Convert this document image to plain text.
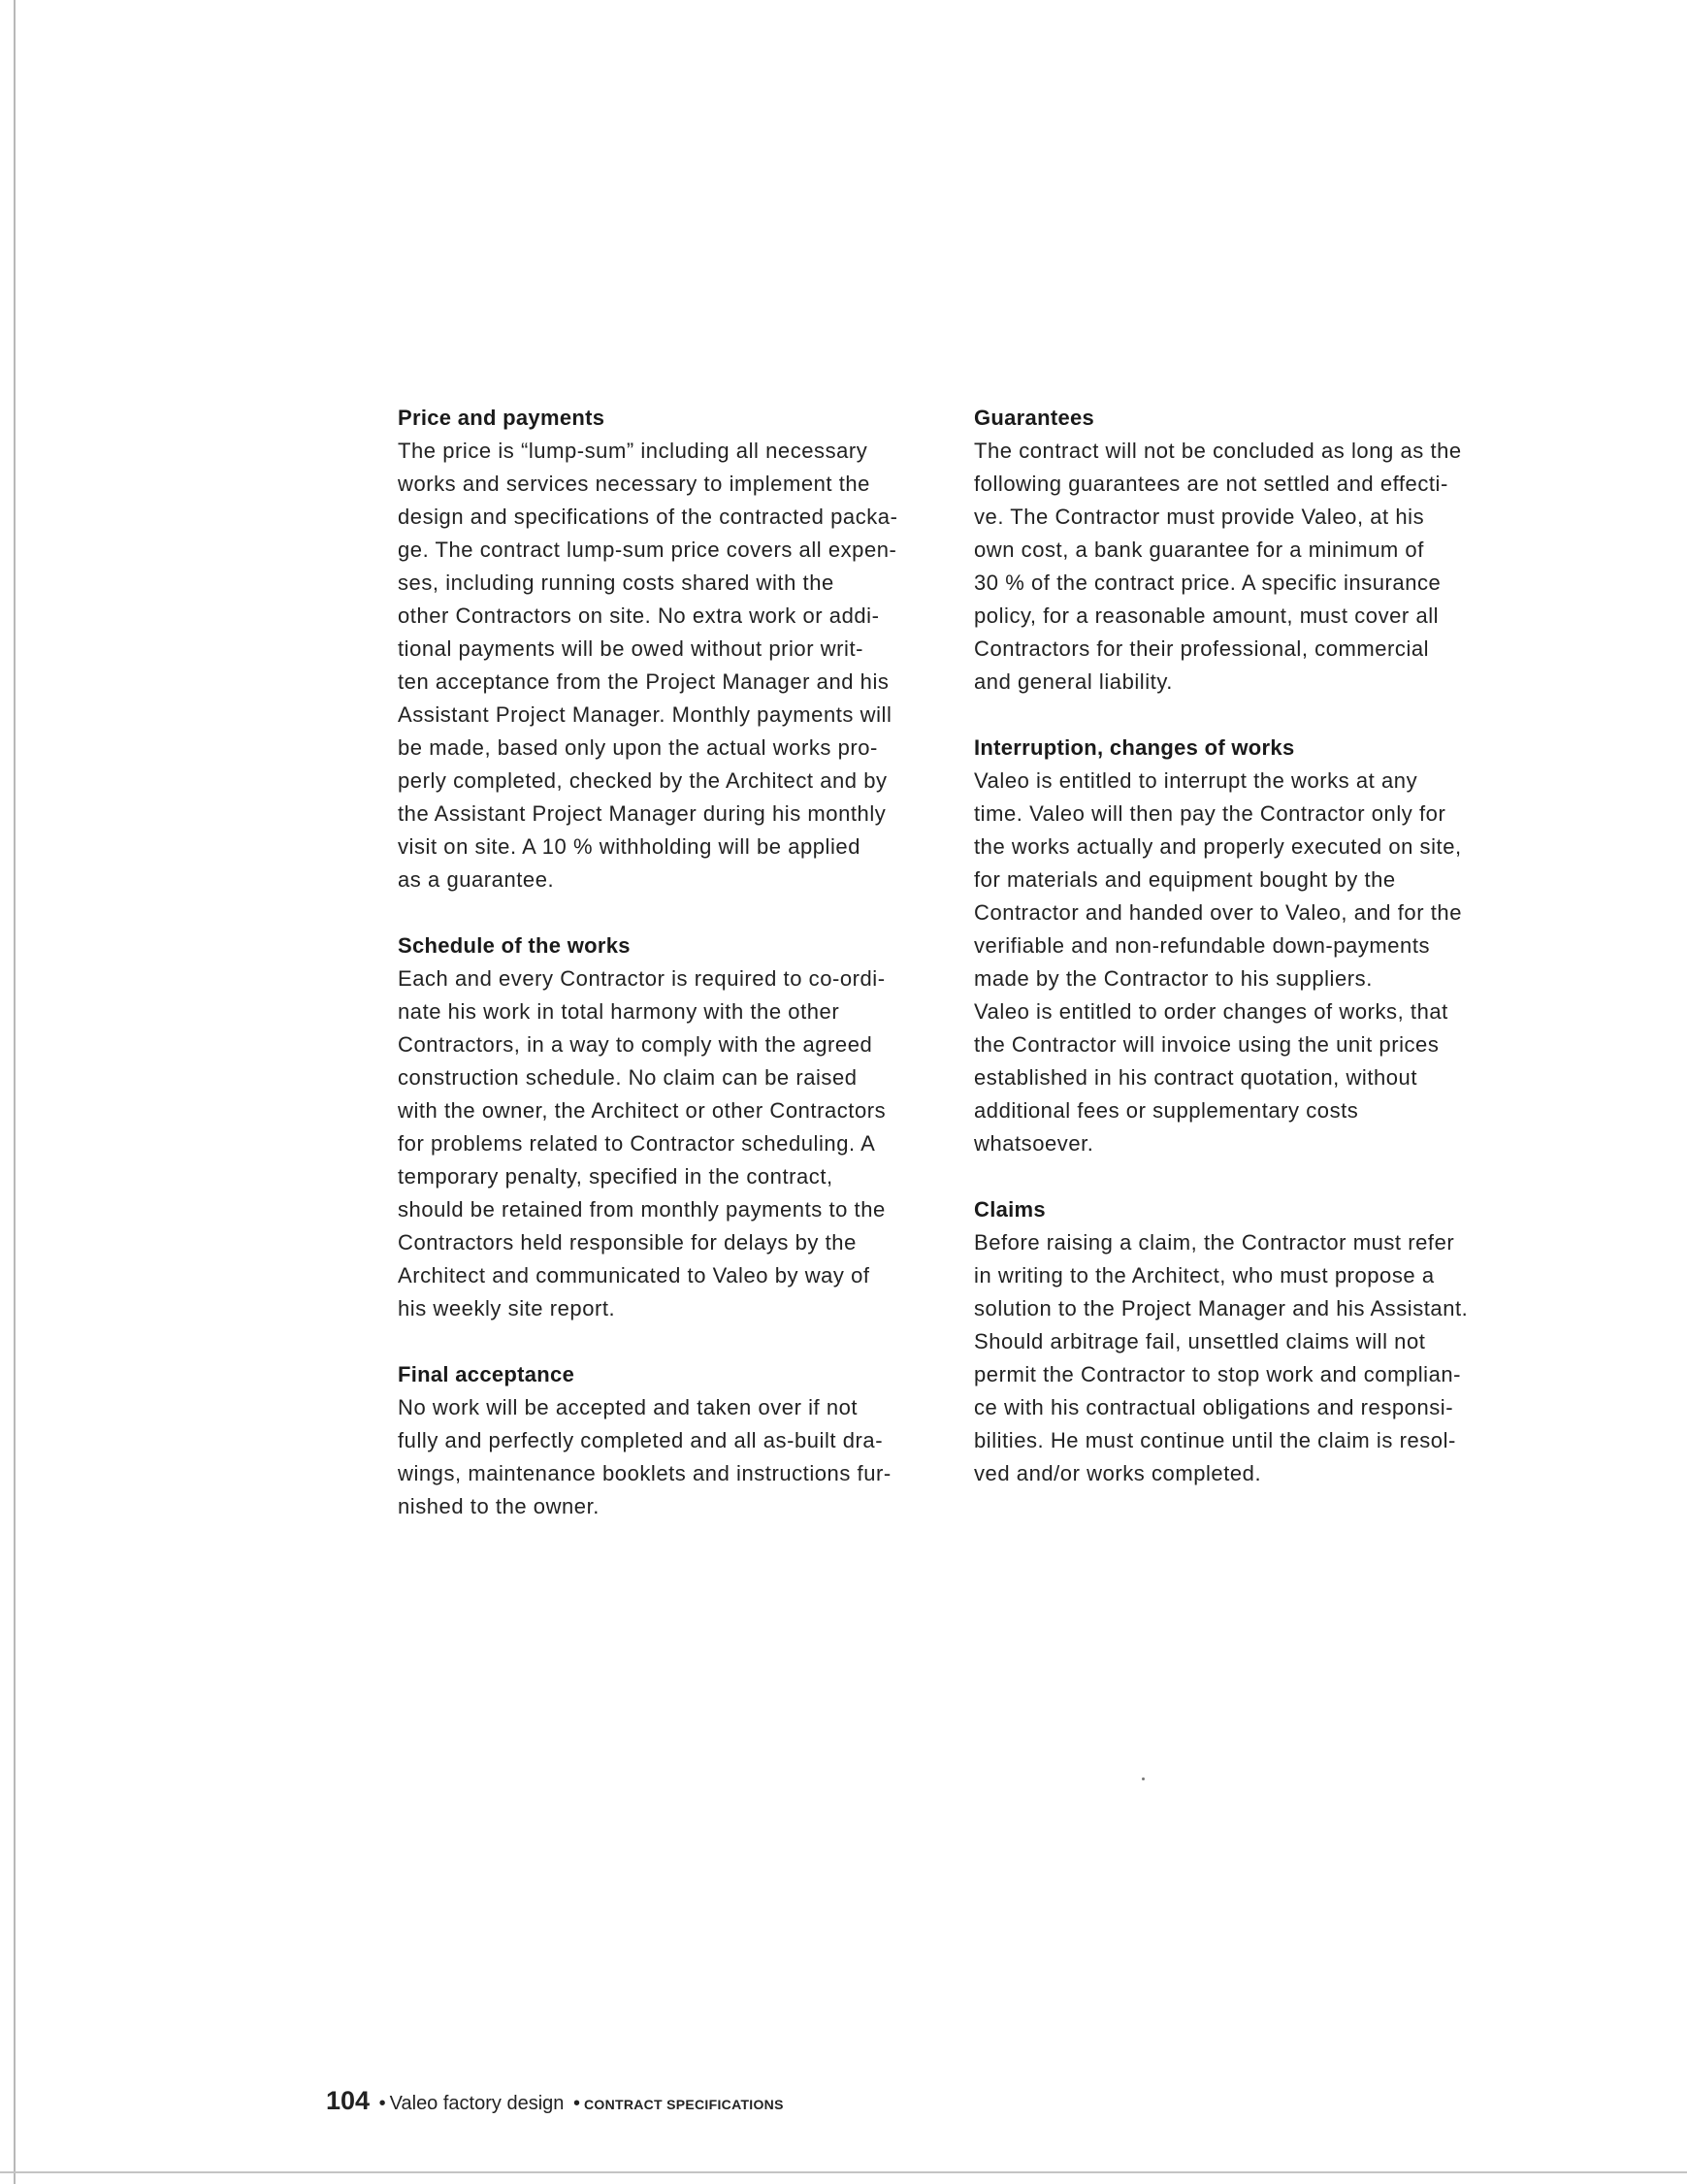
Price and payments
The price is “lump-sum” including all necessary
works and services necessary to implement the
design and specifications of the contracted packa-
ge. The contract lump-sum price covers all expen-
ses, including running costs shared with the
other Contractors on site. No extra work or addi-
tional payments will be owed without prior writ-
ten acceptance from the Project Manager and his
Assistant Project Manager. Monthly payments will
be made, based only upon the actual works pro-
perly completed, checked by the Architect and by
the Assistant Project Manager during his monthly
visit on site. A 10 % withholding will be applied
as a guarantee.
Schedule of the works
Each and every Contractor is required to co-ordi-
nate his work in total harmony with the other
Contractors, in a way to comply with the agreed
construction schedule. No claim can be raised
with the owner, the Architect or other Contractors
for problems related to Contractor scheduling. A
temporary penalty, specified in the contract,
should be retained from monthly payments to the
Contractors held responsible for delays by the
Architect and communicated to Valeo by way of
his weekly site report.
Final acceptance
No work will be accepted and taken over if not
fully and perfectly completed and all as-built dra-
wings, maintenance booklets and instructions fur-
nished to the owner.
Guarantees
The contract will not be concluded as long as the
following guarantees are not settled and effecti-
ve. The Contractor must provide Valeo, at his
own cost, a bank guarantee for a minimum of
30 % of the contract price. A specific insurance
policy, for a reasonable amount, must cover all
Contractors for their professional, commercial
and general liability.
Interruption, changes of works
Valeo is entitled to interrupt the works at any
time. Valeo will then pay the Contractor only for
the works actually and properly executed on site,
for materials and equipment bought by the
Contractor and handed over to Valeo, and for the
verifiable and non-refundable down-payments
made by the Contractor to his suppliers.
Valeo is entitled to order changes of works, that
the Contractor will invoice using the unit prices
established in his contract quotation, without
additional fees or supplementary costs
whatsoever.
Claims
Before raising a claim, the Contractor must refer
in writing to the Architect, who must propose a
solution to the Project Manager and his Assistant.
Should arbitrage fail, unsettled claims will not
permit the Contractor to stop work and complian-
ce with his contractual obligations and responsi-
bilities. He must continue until the claim is resol-
ved and/or works completed.
104 • Valeo factory design • CONTRACT SPECIFICATIONS
